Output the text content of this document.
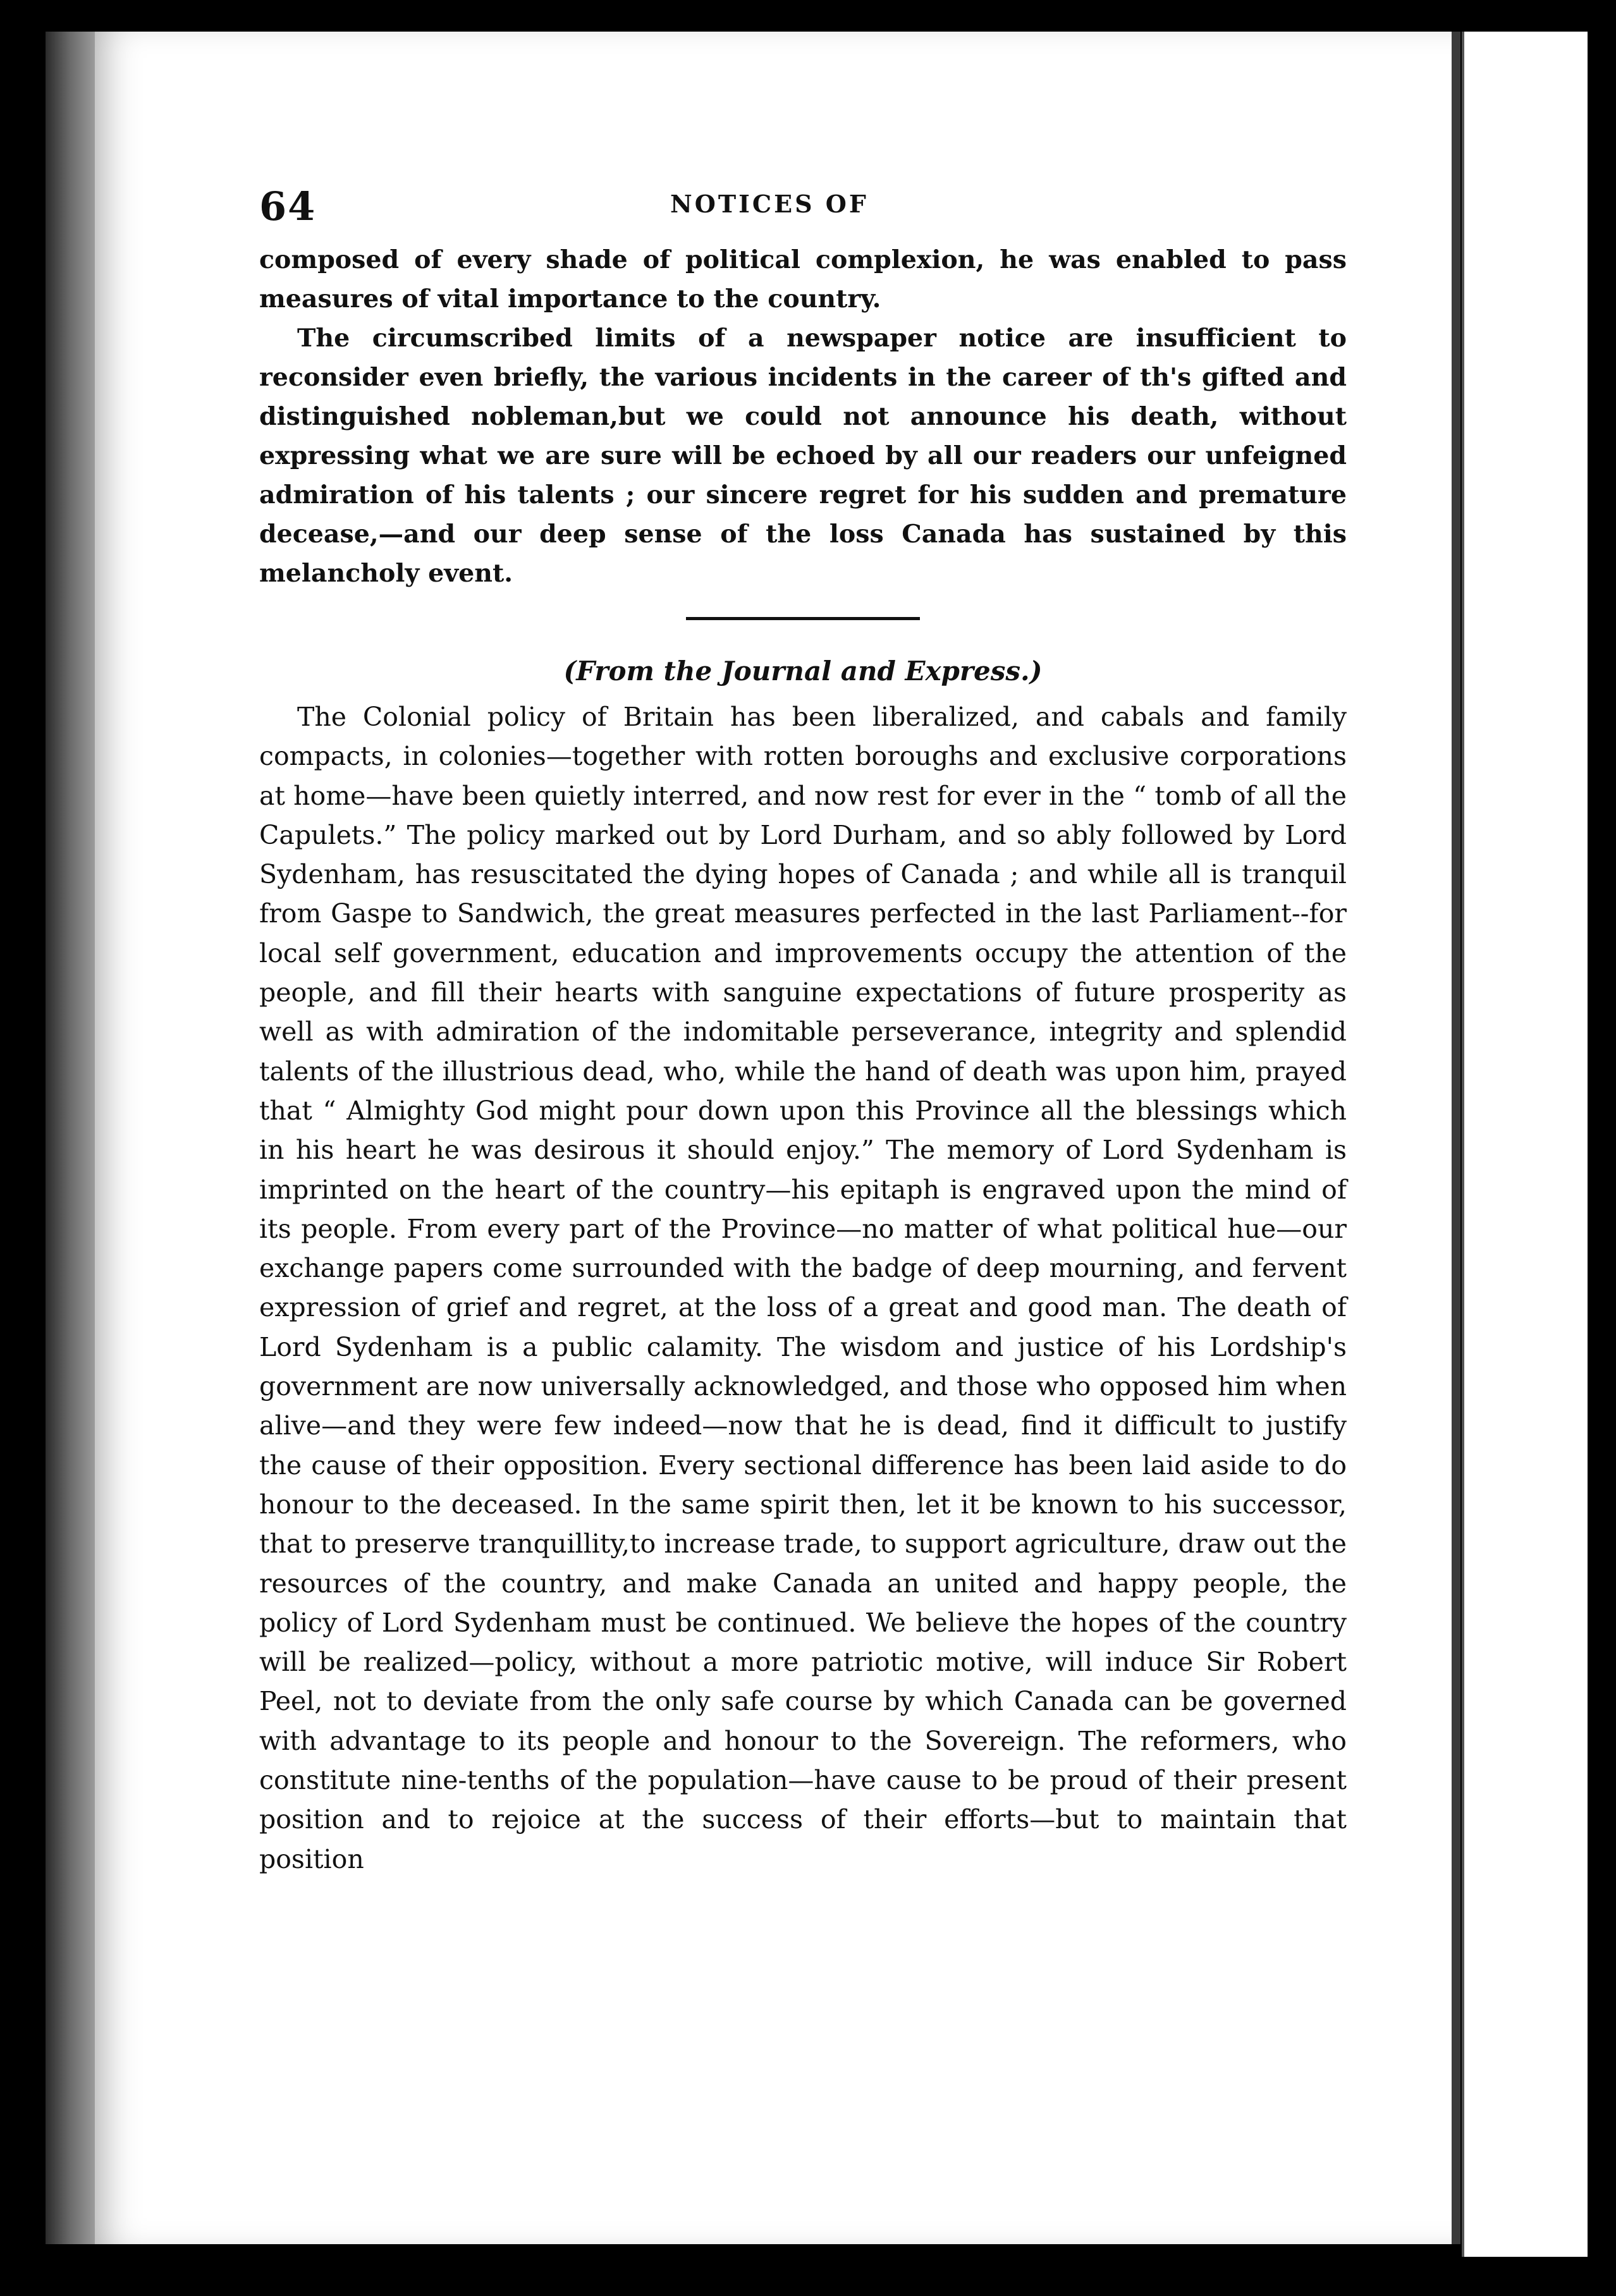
64	NOTICES OF

composed of every shade of political complexion, he was enabled to pass measures of vital importance to the country.

The circumscribed limits of a newspaper notice are insufficient to reconsider even briefly, the various incidents in the career of th's gifted and distinguished nobleman,but we could not announce his death, without expressing what we are sure will be echoed by all our readers our unfeigned admiration of his talents ; our sincere regret for his sudden and premature decease,—and our deep sense of the loss Canada has sustained by this melancholy event.

(From the Journal and Express.)

The Colonial policy of Britain has been liberalized, and cabals and family compacts, in colonies—together with rotten boroughs and exclusive corporations at home—have been quietly interred, and now rest for ever in the “ tomb of all the Capulets.” The policy marked out by Lord Durham, and so ably followed by Lord Sydenham, has resuscitated the dying hopes of Canada ; and while all is tranquil from Gaspe to Sandwich, the great measures perfected in the last Parliament--for local self government, education and improvements occupy the attention of the people, and fill their hearts with sanguine expectations of future prosperity as well as with admiration of the indomitable perseverance, integrity and splendid talents of the illustrious dead, who, while the hand of death was upon him, prayed that “ Almighty God might pour down upon this Province all the blessings which in his heart he was desirous it should enjoy.” The memory of Lord Sydenham is imprinted on the heart of the country—his epitaph is engraved upon the mind of its people. From every part of the Province—no matter of what political hue—our exchange papers come surrounded with the badge of deep mourning, and fervent expression of grief and regret, at the loss of a great and good man. The death of Lord Sydenham is a public calamity. The wisdom and justice of his Lordship's government are now universally acknowledged, and those who opposed him when alive—and they were few indeed—now that he is dead, find it difficult to justify the cause of their opposition. Every sectional difference has been laid aside to do honour to the deceased. In the same spirit then, let it be known to his successor, that to preserve tranquillity,to increase trade, to support agriculture, draw out the resources of the country, and make Canada an united and happy people, the policy of Lord Sydenham must be continued. We believe the hopes of the country will be realized—policy, without a more patriotic motive, will induce Sir Robert Peel, not to deviate from the only safe course by which Canada can be governed with advantage to its people and honour to the Sovereign. The reformers, who constitute nine-tenths of the population—have cause to be proud of their present position and to rejoice at the success of their efforts—but to maintain that position
